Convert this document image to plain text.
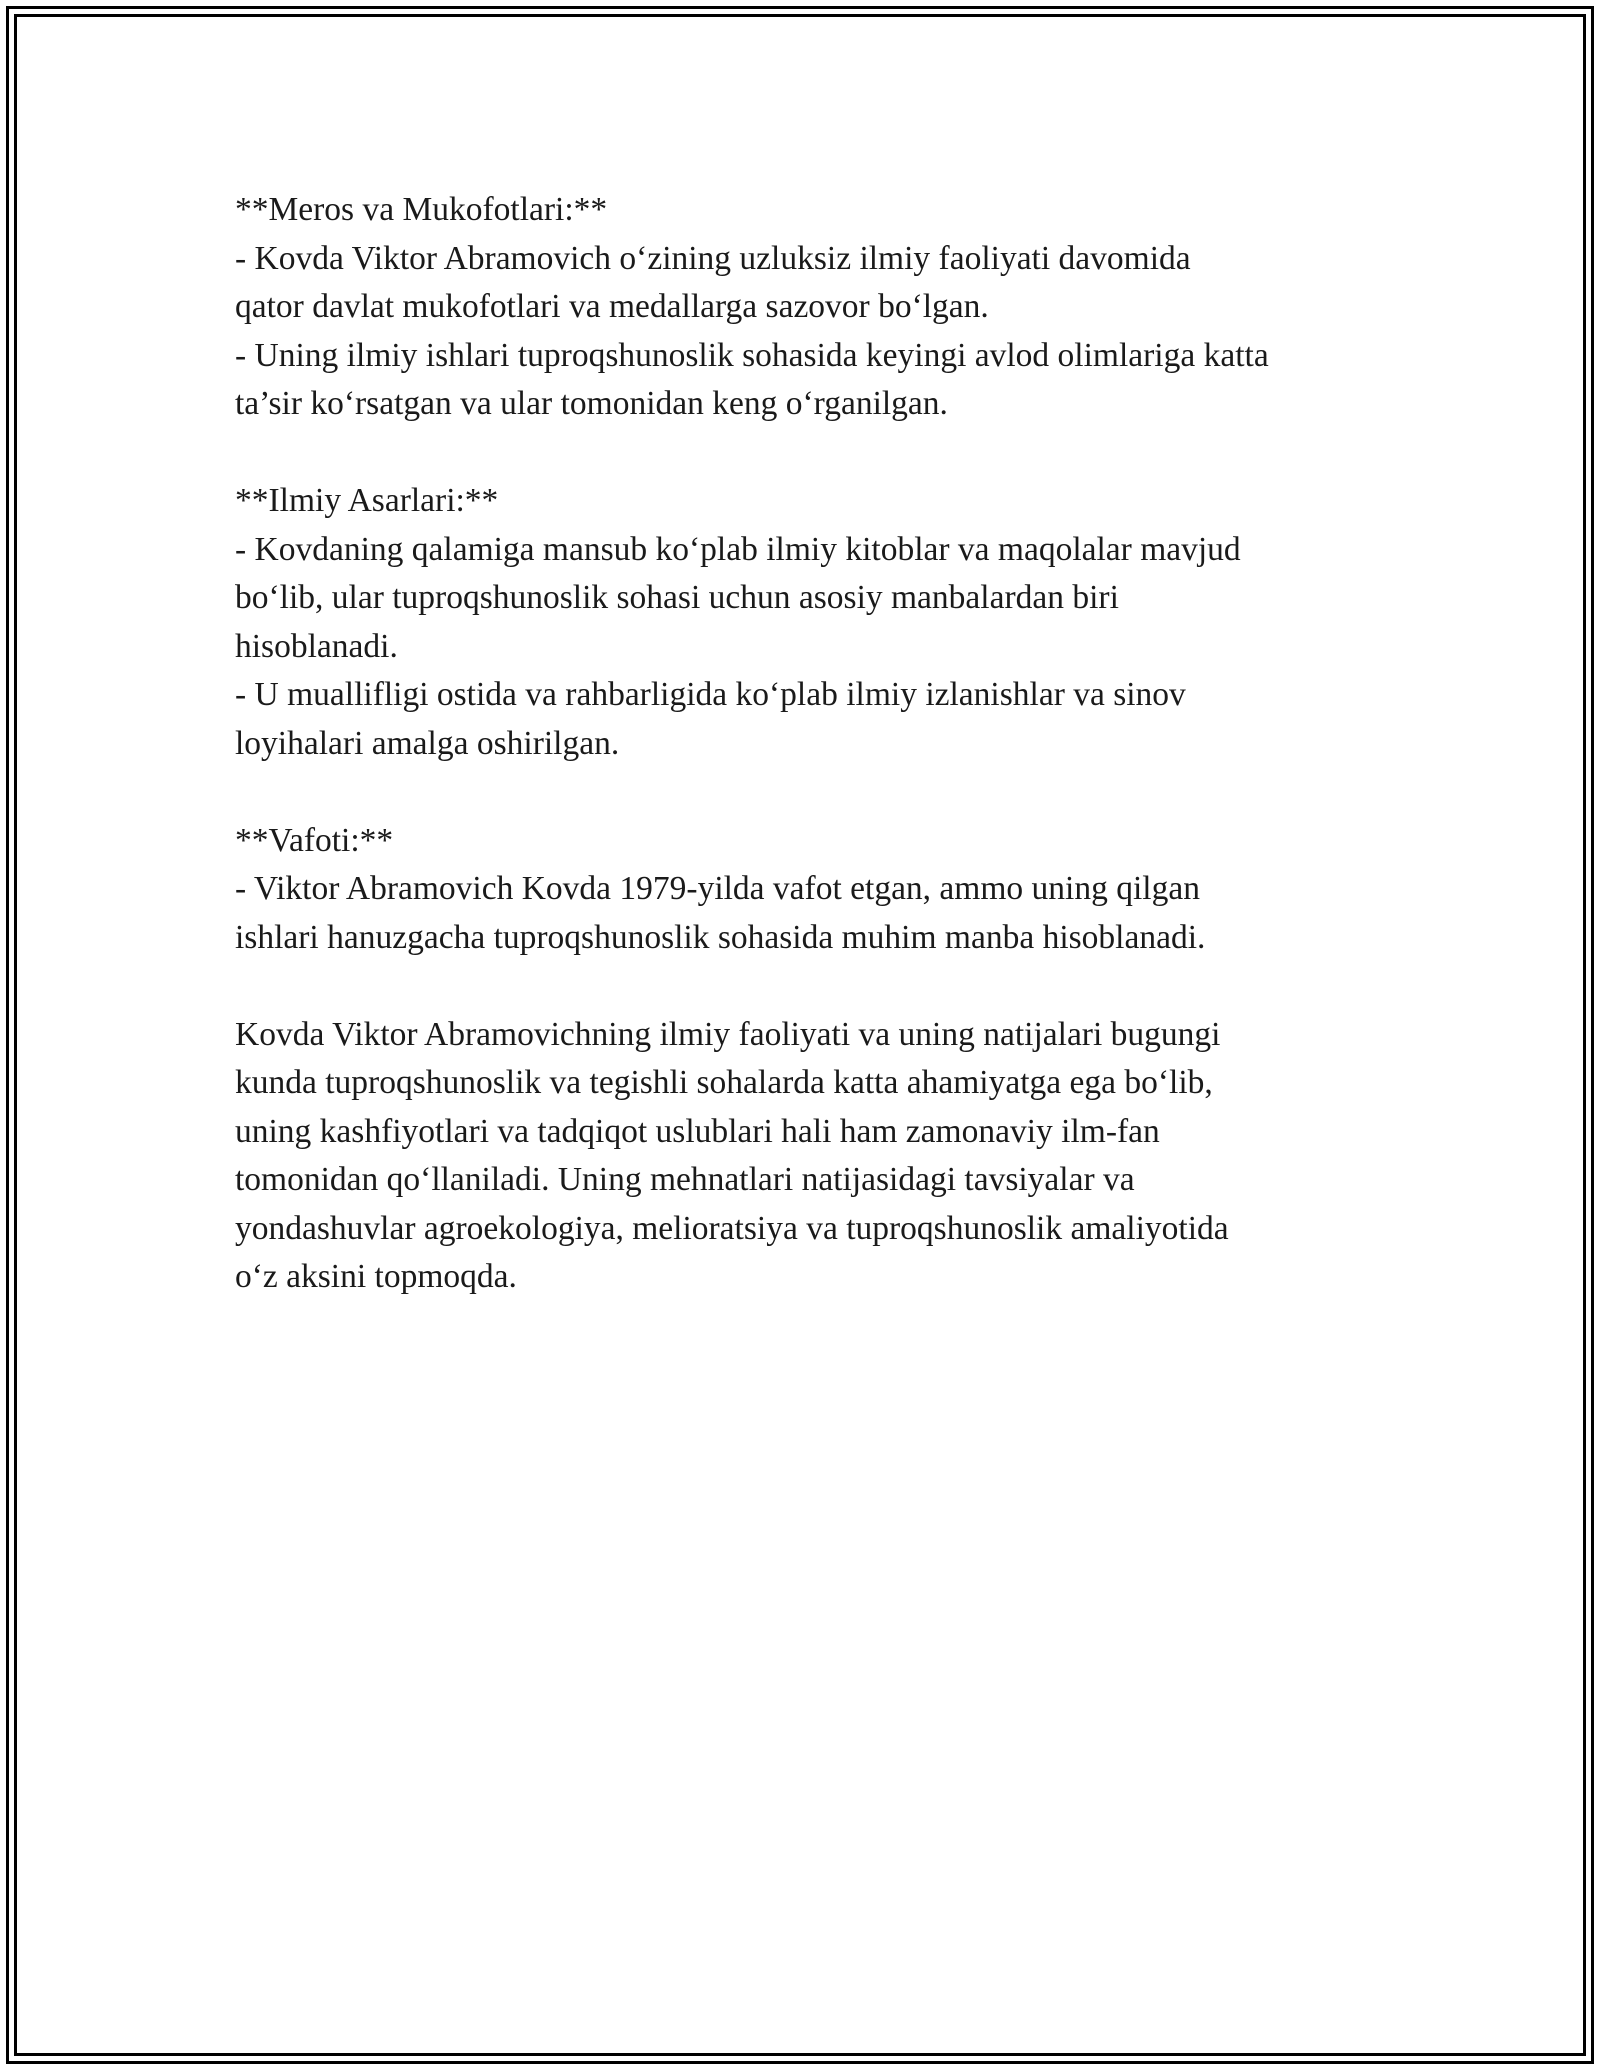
**Meros va Mukofotlari:**

- Kovda Viktor Abramovich o‘zining uzluksiz ilmiy faoliyati davomida
qator davlat mukofotlari va medallarga sazovor bo‘lgan.

- Uning ilmiy ishlari tuproqshunoslik sohasida keyingi avlod olimlariga katta
ta’sir ko‘rsatgan va ular tomonidan keng o‘rganilgan.

**Ilmiy Asarlari:**

- Kovdaning qalamiga mansub ko‘plab ilmiy kitoblar va maqolalar mavjud
bo‘lib, ular tuproqshunoslik sohasi uchun asosiy manbalardan biri
hisoblanadi.

- U muallifligi ostida va rahbarligida ko‘plab ilmiy izlanishlar va sinov
loyihalari amalga oshirilgan.

**Vafoti:**

- Viktor Abramovich Kovda 1979-yilda vafot etgan, ammo uning qilgan
ishlari hanuzgacha tuproqshunoslik sohasida muhim manba hisoblanadi.

Kovda Viktor Abramovichning ilmiy faoliyati va uning natijalari bugungi
kunda tuproqshunoslik va tegishli sohalarda katta ahamiyatga ega bo‘lib,
uning kashfiyotlari va tadqiqot uslublari hali ham zamonaviy ilm-fan
tomonidan qo‘llaniladi. Uning mehnatlari natijasidagi tavsiyalar va
yondashuvlar agroekologiya, melioratsiya va tuproqshunoslik amaliyotida
o‘z aksini topmoqda.
